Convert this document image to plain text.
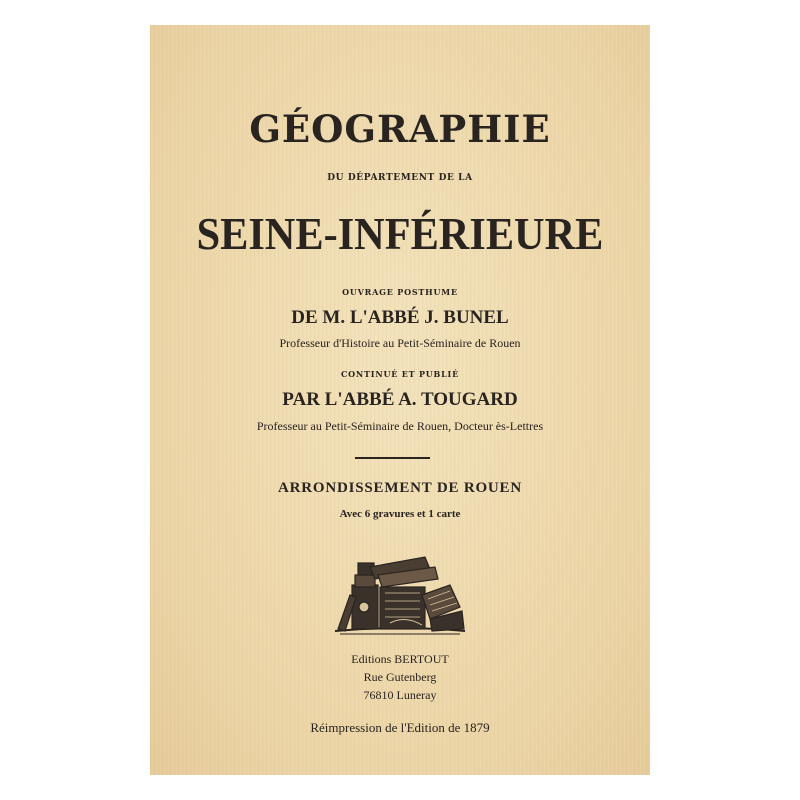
GÉOGRAPHIE
DU DÉPARTEMENT DE LA
SEINE-INFÉRIEURE
OUVRAGE POSTHUME
DE M. L'ABBÉ J. BUNEL
Professeur d'Histoire au Petit-Séminaire de Rouen
CONTINUÉ ET PUBLIÉ
PAR L'ABBÉ A. TOUGARD
Professeur au Petit-Séminaire de Rouen, Docteur ès-Lettres
ARRONDISSEMENT DE ROUEN
Avec 6 gravures et 1 carte
Editions BERTOUT
Rue Gutenberg
76810 Luneray
Réimpression de l'Edition de 1879
